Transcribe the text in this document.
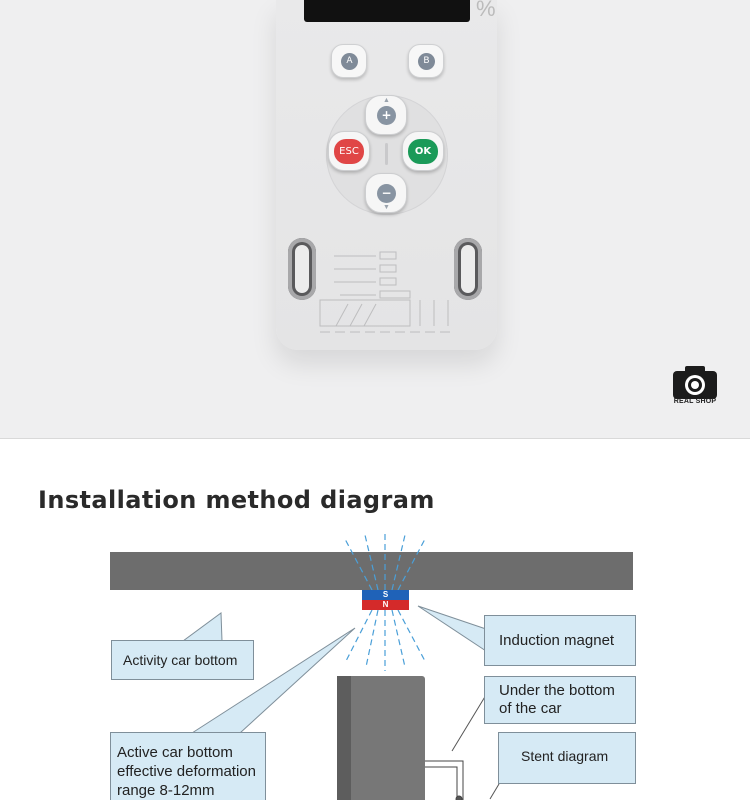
%
A	B
▲
+
ESC	OK
−
▼
REAL SHOP
Installation method diagram
S
N
Activity car bottom
Induction magnet
Under the bottom
of the car
Stent diagram
Active car bottom
effective deformation
range 8-12mm
